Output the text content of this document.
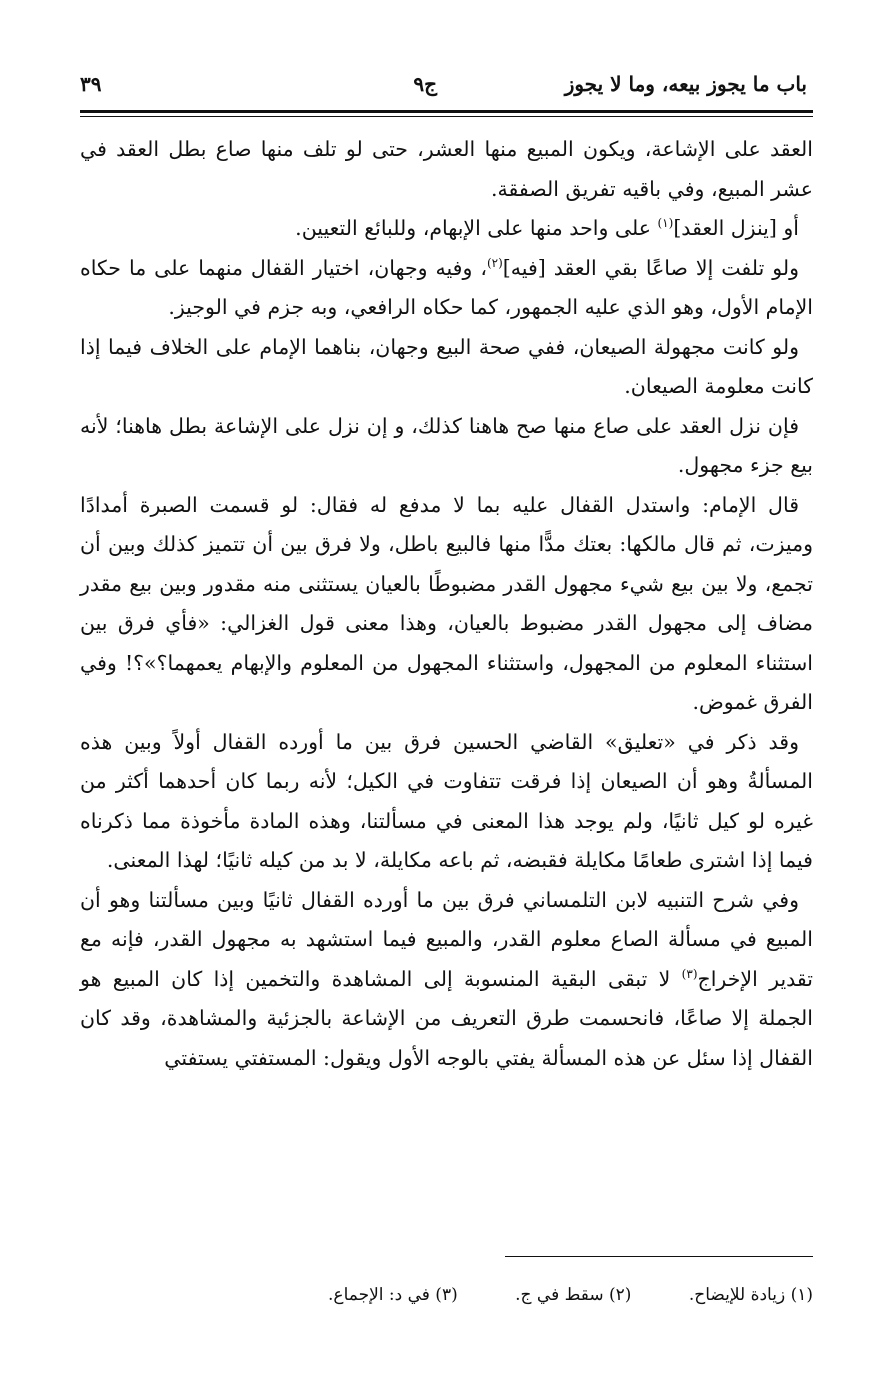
باب ما يجوز بيعه، وما لا يجوز
ج٩
٣٩

العقد على الإشاعة، ويكون المبيع منها العشر، حتى لو تلف منها صاع بطل العقد في عشر المبيع، وفي باقيه تفريق الصفقة.

أو [ينزل العقد]$^{(١)}$ على واحد منها على الإبهام، وللبائع التعيين.

ولو تلفت إلا صاعًا بقي العقد [فيه]$^{(٢)}$، وفيه وجهان، اختيار القفال منهما على ما حكاه الإمام الأول، وهو الذي عليه الجمهور، كما حكاه الرافعي، وبه جزم في الوجيز.

ولو كانت مجهولة الصيعان، ففي صحة البيع وجهان، بناهما الإمام على الخلاف فيما إذا كانت معلومة الصيعان.

فإن نزل العقد على صاع منها صح هاهنا كذلك، و إن نزل على الإشاعة بطل هاهنا؛ لأنه بيع جزء مجهول.

قال الإمام: واستدل القفال عليه بما لا مدفع له فقال: لو قسمت الصبرة أمدادًا وميزت، ثم قال مالكها: بعتك مدًّا منها فالبيع باطل، ولا فرق بين أن تتميز كذلك وبين أن تجمع، ولا بين بيع شيء مجهول القدر مضبوطًا بالعيان يستثنى منه مقدور وبين بيع مقدر مضاف إلى مجهول القدر مضبوط بالعيان، وهذا معنى قول الغزالي: «فأي فرق بين استثناء المعلوم من المجهول، واستثناء المجهول من المعلوم والإبهام يعمهما؟»؟! وفي الفرق غموض.

وقد ذكر في «تعليق» القاضي الحسين فرق بين ما أورده القفال أولاً وبين هذه المسألةُ وهو أن الصيعان إذا فرقت تتفاوت في الكيل؛ لأنه ربما كان أحدهما أكثر من غيره لو كيل ثانيًا، ولم يوجد هذا المعنى في مسألتنا، وهذه المادة مأخوذة مما ذكرناه فيما إذا اشترى طعامًا مكايلة فقبضه، ثم باعه مكايلة، لا بد من كيله ثانيًا؛ لهذا المعنى.

وفي شرح التنبيه لابن التلمساني فرق بين ما أورده القفال ثانيًا وبين مسألتنا وهو أن المبيع في مسألة الصاع معلوم القدر، والمبيع فيما استشهد به مجهول القدر، فإنه مع تقدير الإخراج$^{(٣)}$ لا تبقى البقية المنسوبة إلى المشاهدة والتخمين إذا كان المبيع هو الجملة إلا صاعًا، فانحسمت طرق التعريف من الإشاعة بالجزئية والمشاهدة، وقد كان القفال إذا سئل عن هذه المسألة يفتي بالوجه الأول ويقول: المستفتي يستفتي

(١) زيادة للإيضاح. (٢) سقط في ج. (٣) في د: الإجماع.
